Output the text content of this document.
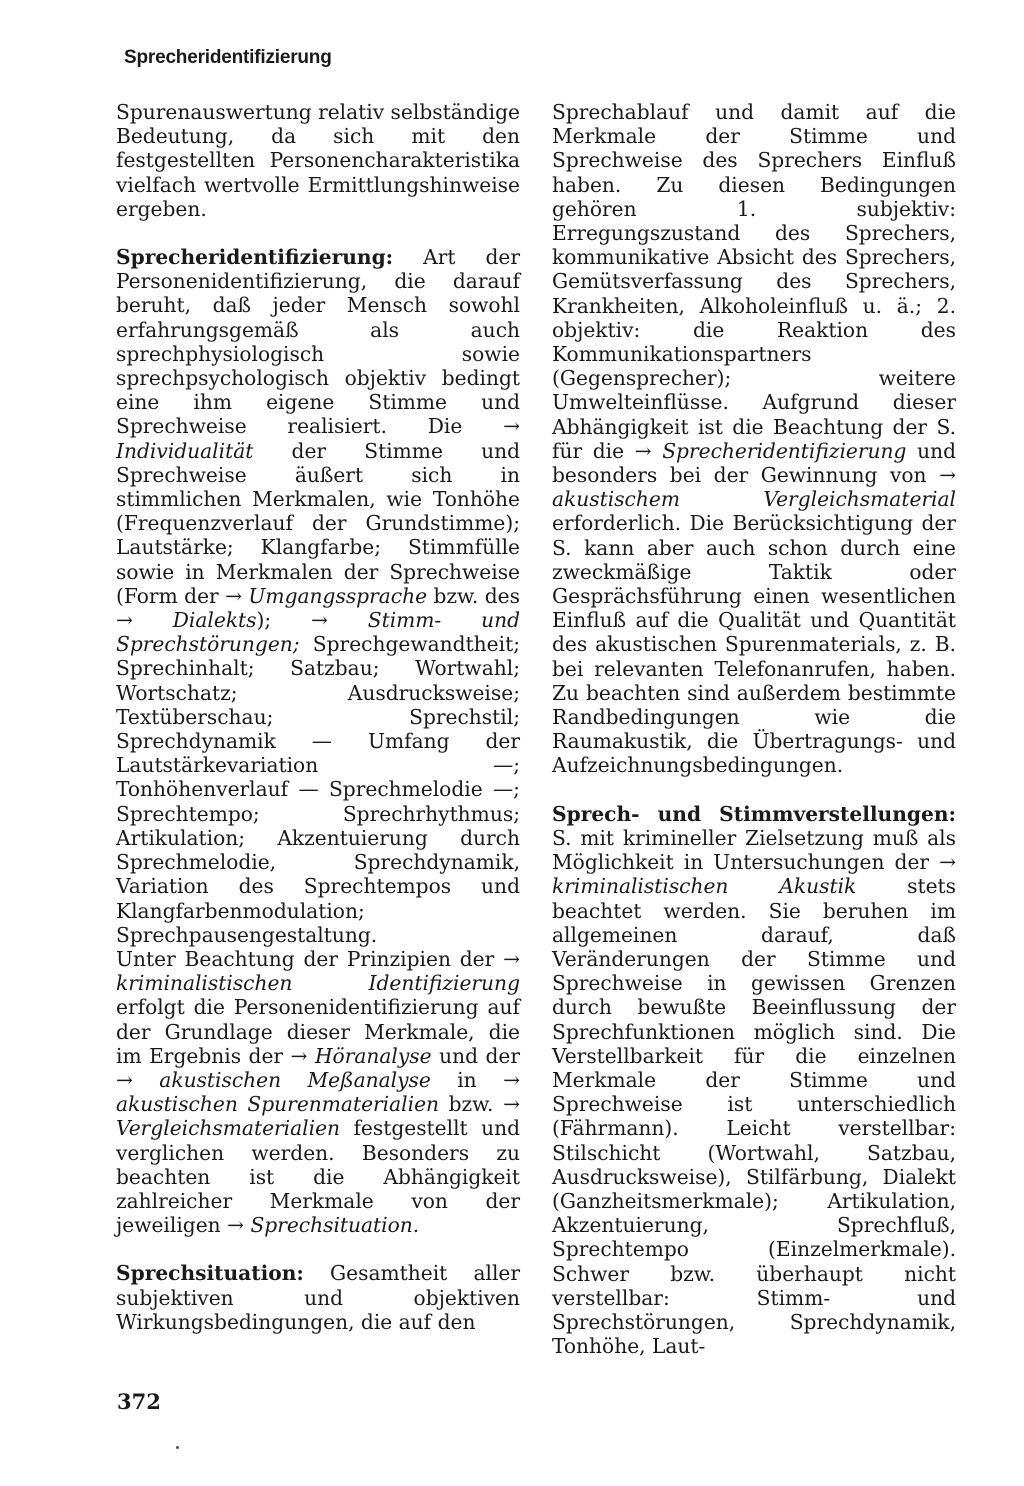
Sprecheridentifizierung

Spurenauswertung relativ selbständige Bedeutung, da sich mit den festgestellten Personencharakteristika vielfach wertvolle Ermittlungshinweise ergeben.

Sprecheridentifizierung: Art der Personenidentifizierung, die darauf beruht, daß jeder Mensch sowohl erfahrungsgemäß als auch sprechphysiologisch sowie sprechpsychologisch objektiv bedingt eine ihm eigene Stimme und Sprechweise realisiert. Die → Individualität der Stimme und Sprechweise äußert sich in stimmlichen Merkmalen, wie Tonhöhe (Frequenzverlauf der Grundstimme); Lautstärke; Klangfarbe; Stimmfülle sowie in Merkmalen der Sprechweise (Form der → Umgangssprache bzw. des → Dialekts); → Stimm- und Sprechstörungen; Sprechgewandtheit; Sprechinhalt; Satzbau; Wortwahl; Wortschatz; Ausdrucksweise; Textüberschau; Sprechstil; Sprechdynamik — Umfang der Lautstärkevariation —; Tonhöhenverlauf — Sprechmelodie —; Sprechtempo; Sprechrhythmus; Artikulation; Akzentuierung durch Sprechmelodie, Sprechdynamik, Variation des Sprechtempos und Klangfarbenmodulation; Sprechpausengestaltung.

Unter Beachtung der Prinzipien der → kriminalistischen Identifizierung erfolgt die Personenidentifizierung auf der Grundlage dieser Merkmale, die im Ergebnis der → Höranalyse und der → akustischen Meßanalyse in → akustischen Spurenmaterialien bzw. → Vergleichsmaterialien festgestellt und verglichen werden. Besonders zu beachten ist die Abhängigkeit zahlreicher Merkmale von der jeweiligen → Sprechsituation.

Sprechsituation: Gesamtheit aller subjektiven und objektiven Wirkungsbedingungen, die auf den

Sprechablauf und damit auf die Merkmale der Stimme und Sprechweise des Sprechers Einfluß haben. Zu diesen Bedingungen gehören 1. subjektiv: Erregungszustand des Sprechers, kommunikative Absicht des Sprechers, Gemütsverfassung des Sprechers, Krankheiten, Alkoholeinfluß u. ä.; 2. objektiv: die Reaktion des Kommunikationspartners (Gegensprecher); weitere Umwelteinflüsse. Aufgrund dieser Abhängigkeit ist die Beachtung der S. für die → Sprecheridentifizierung und besonders bei der Gewinnung von → akustischem Vergleichsmaterial erforderlich. Die Berücksichtigung der S. kann aber auch schon durch eine zweckmäßige Taktik oder Gesprächsführung einen wesentlichen Einfluß auf die Qualität und Quantität des akustischen Spurenmaterials, z. B. bei relevanten Telefonanrufen, haben. Zu beachten sind außerdem bestimmte Randbedingungen wie die Raumakustik, die Übertragungs- und Aufzeichnungsbedingungen.

Sprech- und Stimmverstellungen: S. mit krimineller Zielsetzung muß als Möglichkeit in Untersuchungen der → kriminalistischen Akustik stets beachtet werden. Sie beruhen im allgemeinen darauf, daß Veränderungen der Stimme und Sprechweise in gewissen Grenzen durch bewußte Beeinflussung der Sprechfunktionen möglich sind. Die Verstellbarkeit für die einzelnen Merkmale der Stimme und Sprechweise ist unterschiedlich (Fährmann). Leicht verstellbar: Stilschicht (Wortwahl, Satzbau, Ausdrucksweise), Stilfärbung, Dialekt (Ganzheitsmerkmale); Artikulation, Akzentuierung, Sprechfluß, Sprechtempo (Einzelmerkmale). Schwer bzw. überhaupt nicht verstellbar: Stimm- und Sprechstörungen, Sprechdynamik, Tonhöhe, Laut-

372
